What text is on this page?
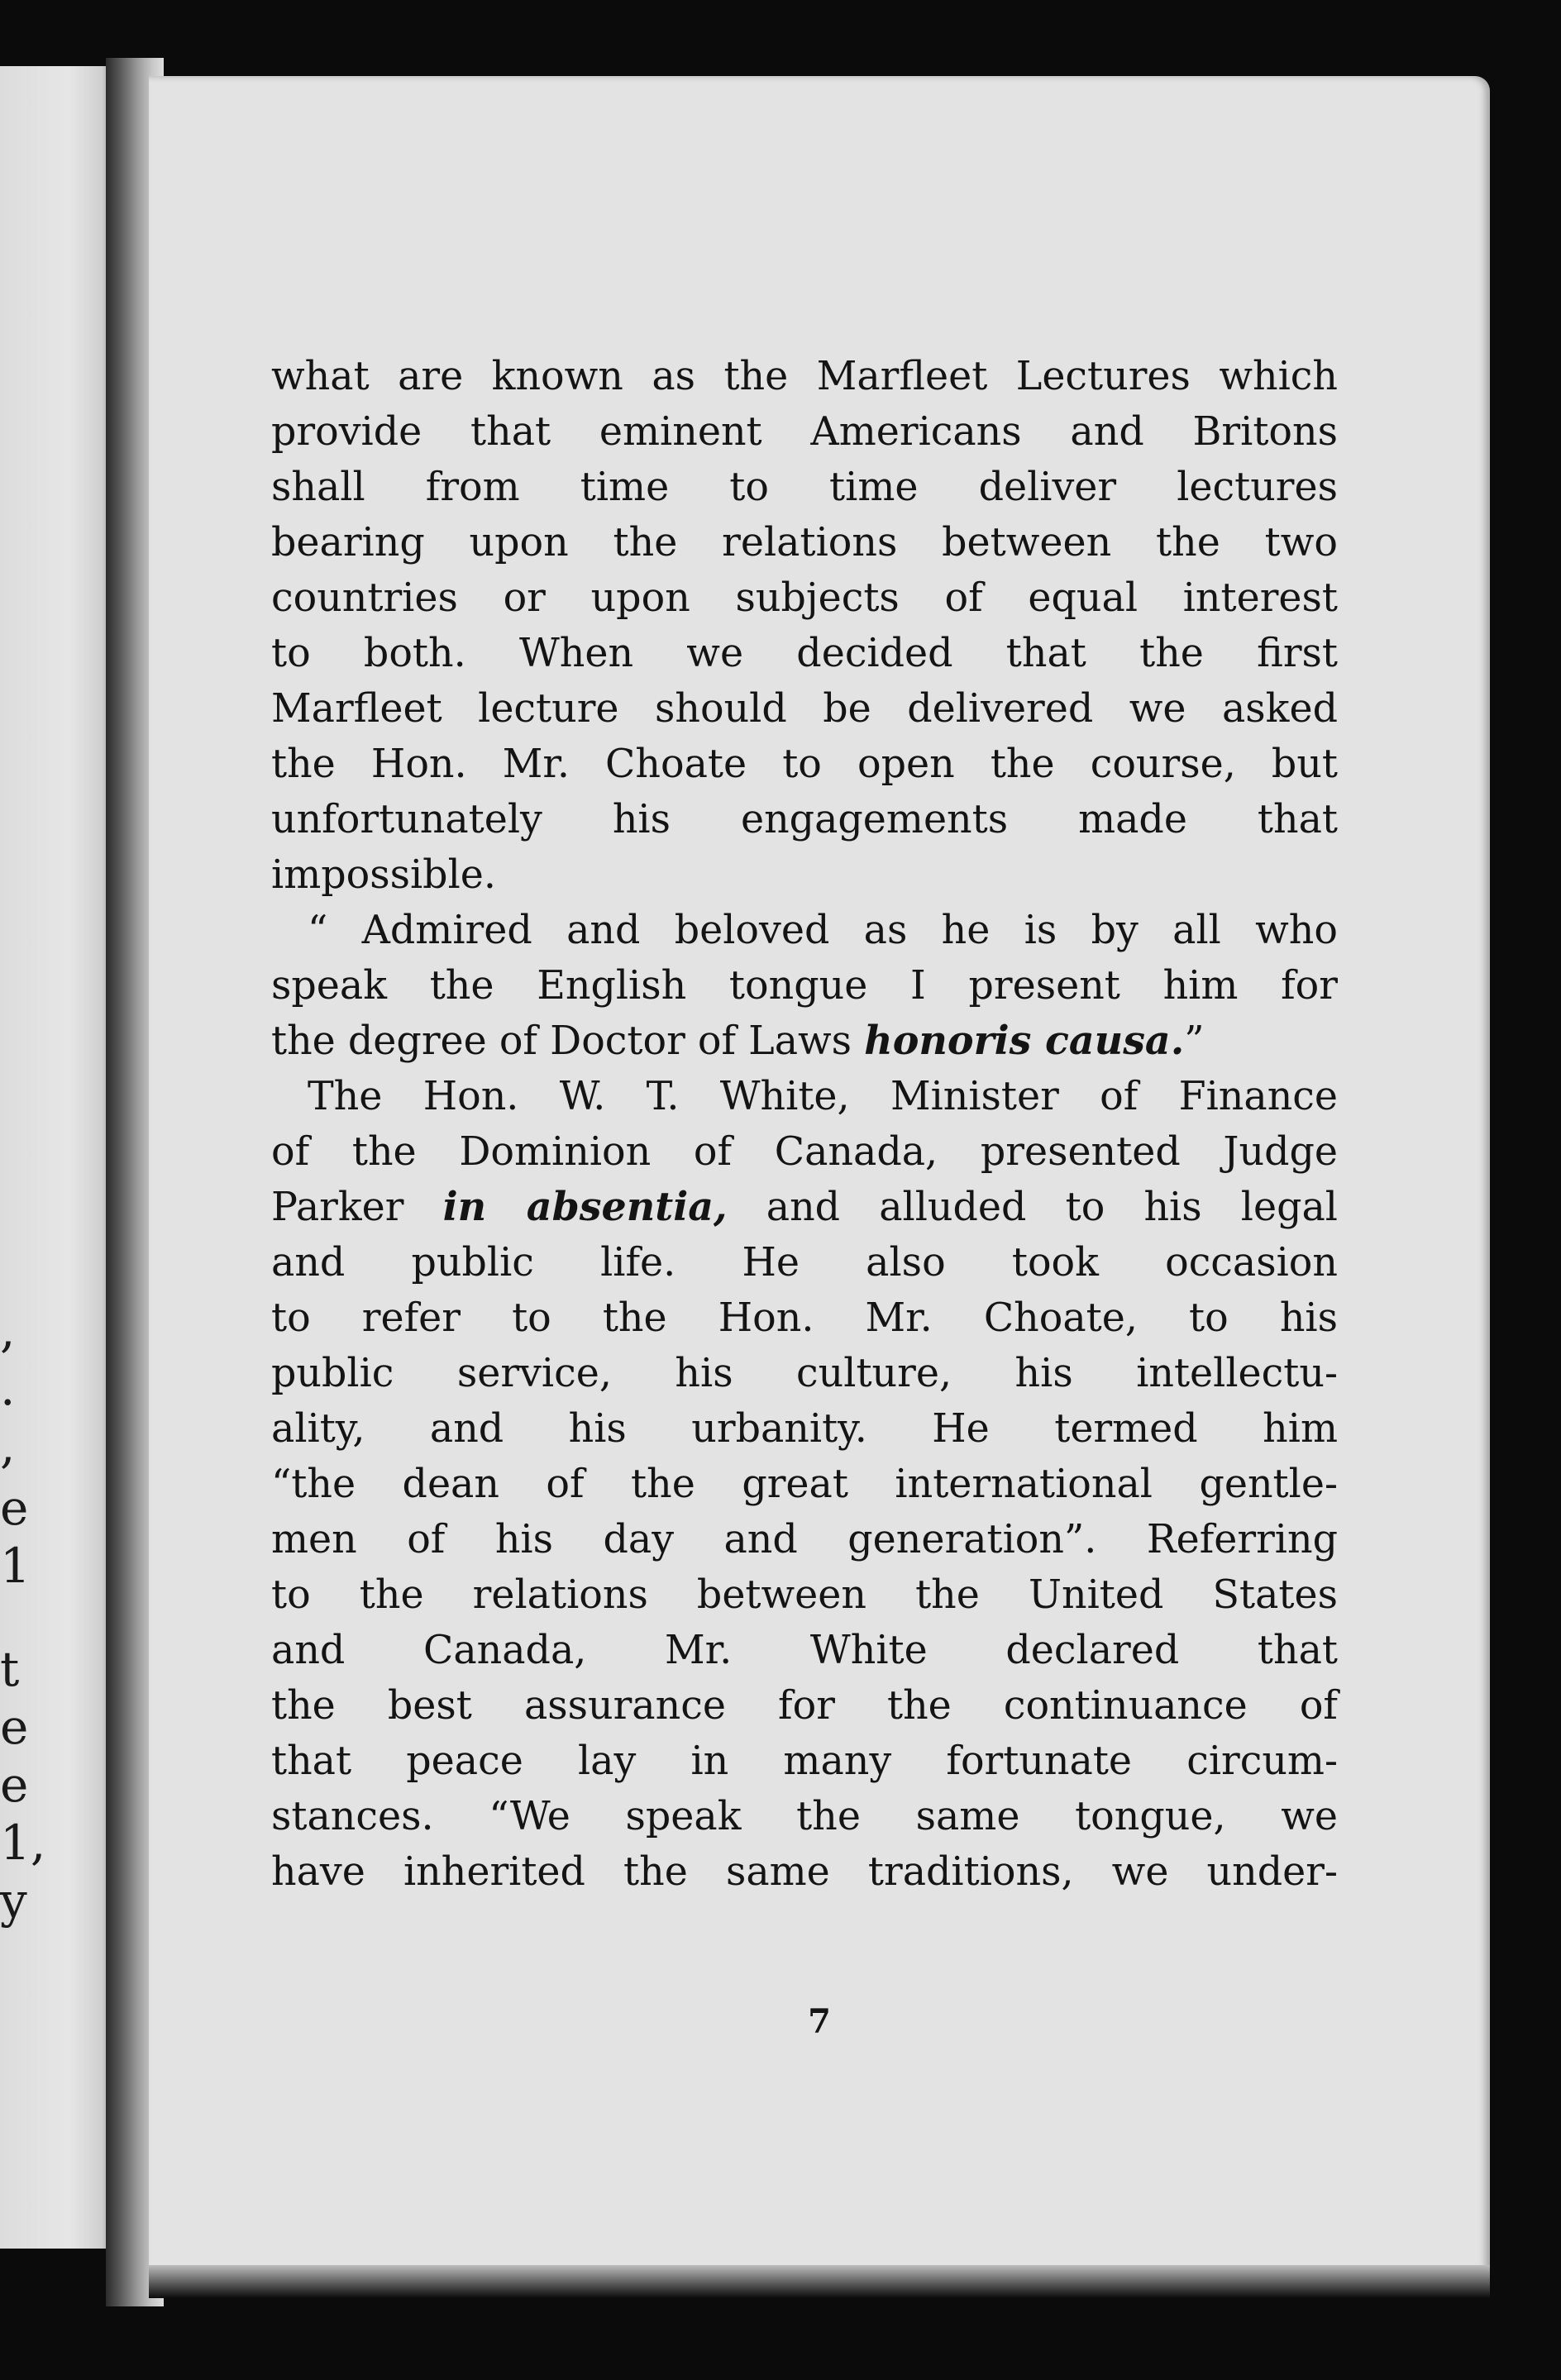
,
.
,
e
1
t
e
e
1,
y
what are known as the Marfleet Lectures which
provide that eminent Americans and Britons
shall from time to time deliver lectures
bearing upon the relations between the two
countries or upon subjects of equal interest
to both. When we decided that the first
Marfleet lecture should be delivered we asked
the Hon. Mr. Choate to open the course, but
unfortunately his engagements made that
impossible.
“ Admired and beloved as he is by all who
speak the English tongue I present him for
the degree of Doctor of Laws honoris causa.”
The Hon. W. T. White, Minister of Finance
of the Dominion of Canada, presented Judge
Parker in absentia, and alluded to his legal
and public life. He also took occasion
to refer to the Hon. Mr. Choate, to his
public service, his culture, his intellectu-
ality, and his urbanity. He termed him
“the dean of the great international gentle-
men of his day and generation”. Referring
to the relations between the United States
and Canada, Mr. White declared that
the best assurance for the continuance of
that peace lay in many fortunate circum-
stances. “We speak the same tongue, we
have inherited the same traditions, we under-
7
